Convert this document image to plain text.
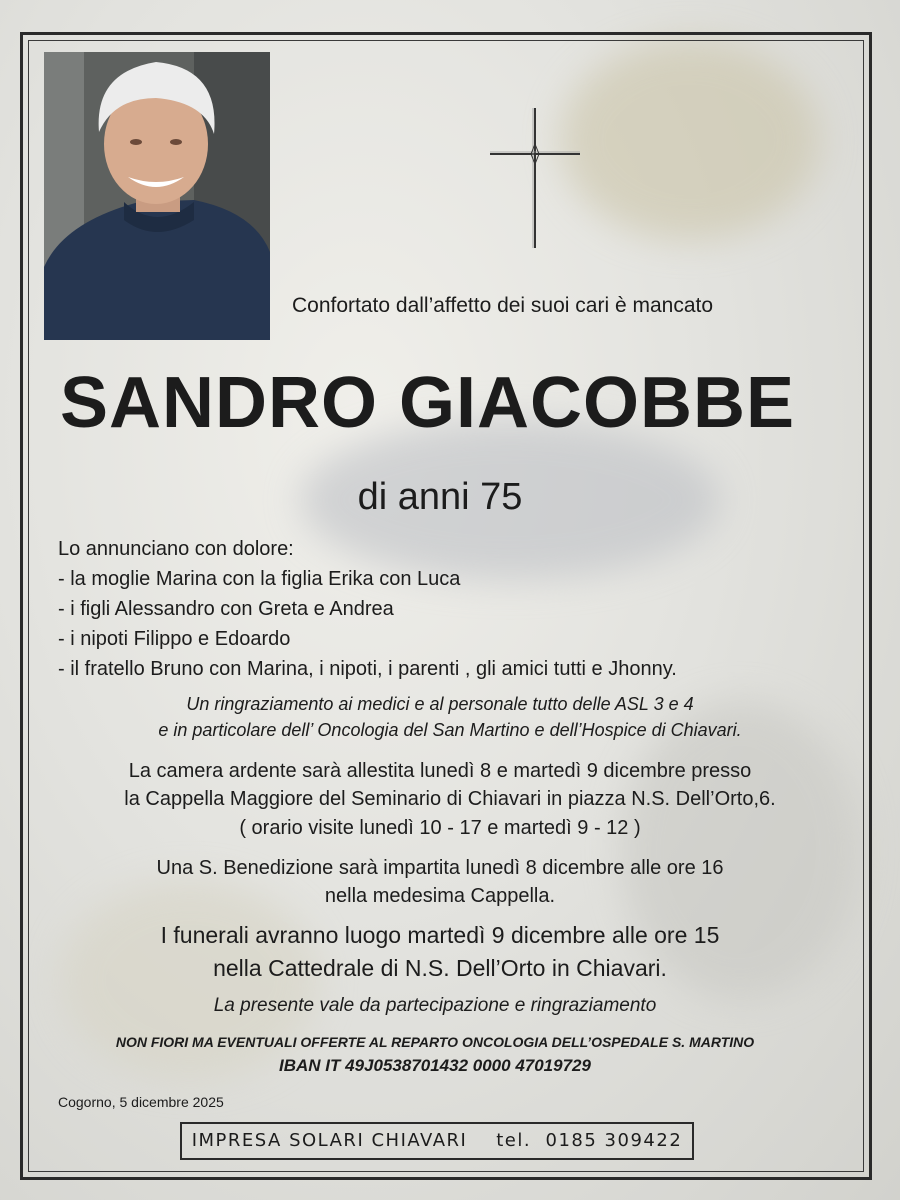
Confortato dall’affetto dei suoi cari è mancato
SANDRO GIACOBBE
di anni 75
Lo annunciano con dolore:
- la moglie Marina con la figlia Erika con Luca
- i figli Alessandro con Greta e Andrea
- i nipoti Filippo e Edoardo
- il fratello Bruno con Marina, i nipoti, i parenti , gli amici tutti e Jhonny.
Un ringraziamento ai medici e al personale tutto delle ASL 3 e 4
e in particolare dell’ Oncologia del San Martino e dell’Hospice di Chiavari.
La camera ardente sarà allestita lunedì 8 e martedì 9 dicembre presso
la Cappella Maggiore del Seminario di Chiavari in piazza N.S. Dell’Orto,6.
( orario visite lunedì 10 - 17 e martedì 9 - 12 )
Una S. Benedizione sarà impartita lunedì 8 dicembre alle ore 16
nella medesima Cappella.
I funerali avranno luogo martedì 9 dicembre alle ore 15
nella Cattedrale di N.S. Dell’Orto in Chiavari.
La presente vale da partecipazione e ringraziamento
NON FIORI MA EVENTUALI OFFERTE AL REPARTO ONCOLOGIA DELL’OSPEDALE S. MARTINO
IBAN IT 49J0538701432 0000 47019729
Cogorno, 5 dicembre 2025
IMPRESA SOLARI CHIAVARI    tel.  0185 309422
